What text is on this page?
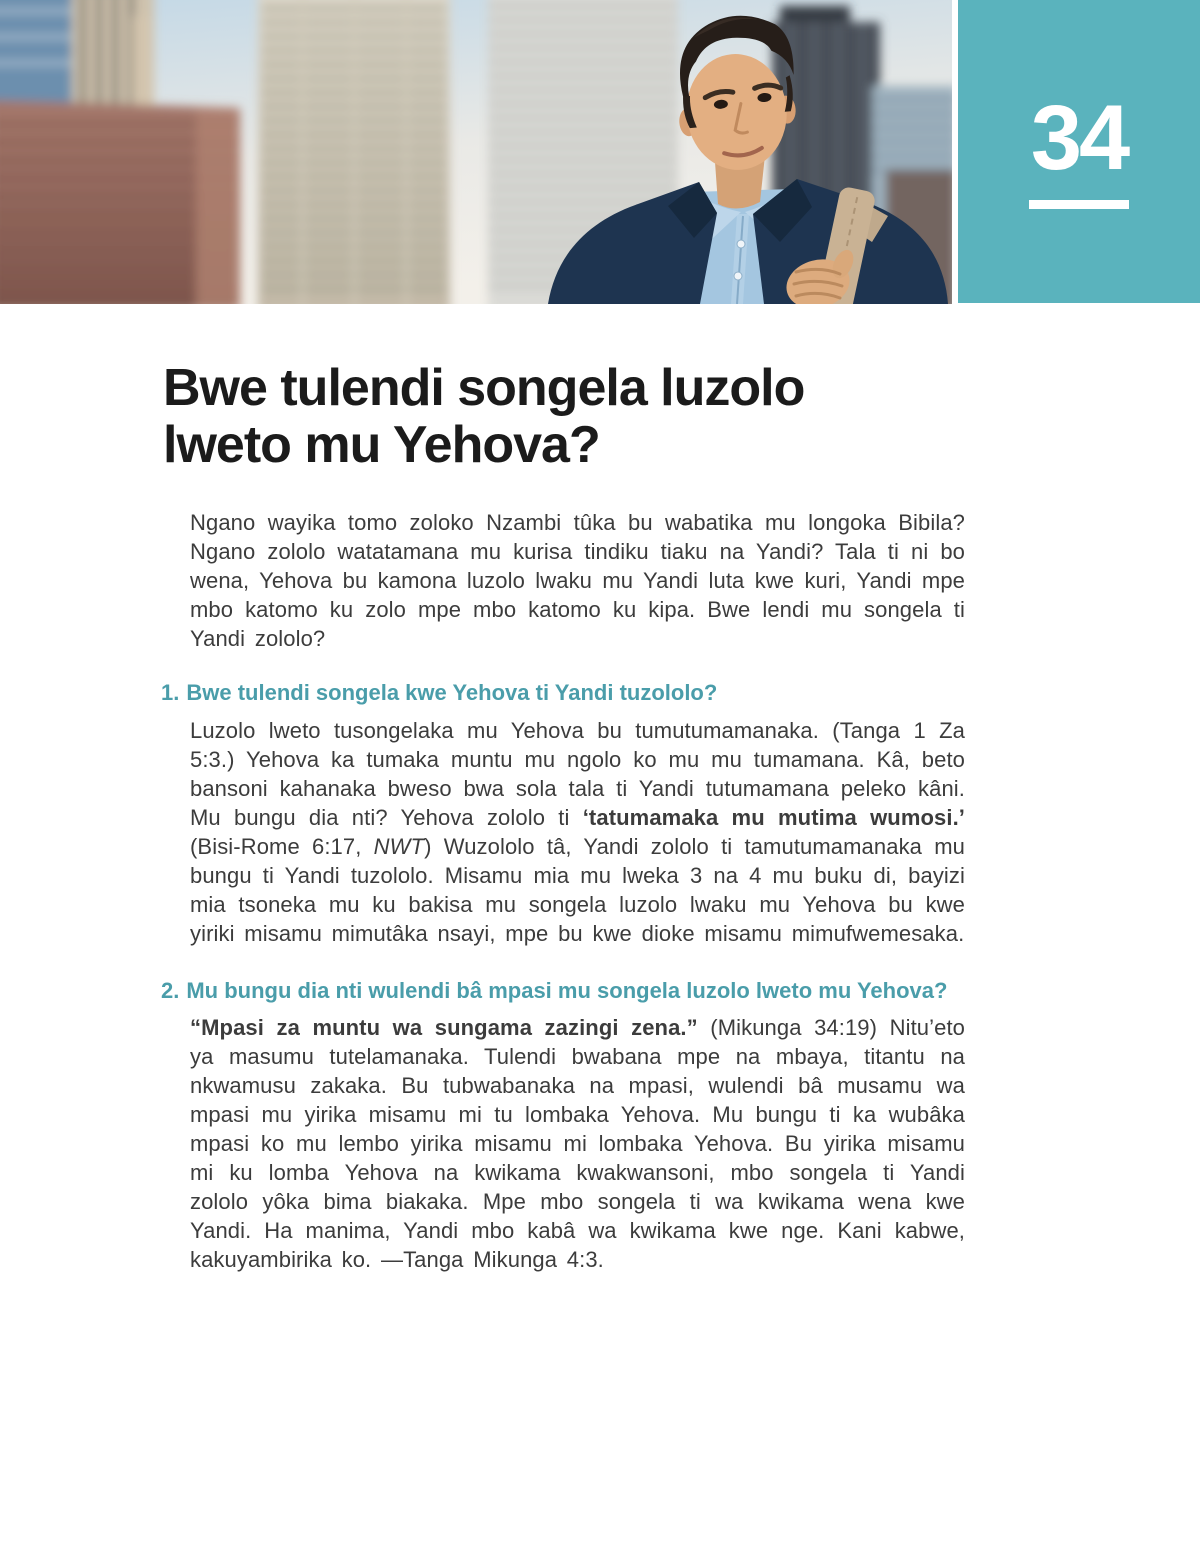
34
Bwe tulendi songela luzolo lweto mu Yehova?

Ngano wayika tomo zoloko Nzambi tûka bu wabatika mu longoka Bibila? Ngano zololo watatamana mu kurisa tindiku tiaku na Yandi? Tala ti ni bo wena, Yehova bu kamona luzolo lwaku mu Yandi luta kwe kuri, Yandi mpe mbo katomo ku zolo mpe mbo katomo ku kipa. Bwe lendi mu songela ti Yandi zololo?

1. Bwe tulendi songela kwe Yehova ti Yandi tuzololo?

Luzolo lweto tusongelaka mu Yehova bu tumutumamanaka. (Tanga 1 Za 5:3.) Yehova ka tumaka muntu mu ngolo ko mu mu tumamana. Kâ, beto bansoni kahanaka bweso bwa sola tala ti Yandi tutumamana peleko kâni. Mu bungu dia nti? Yehova zololo ti ‘tatumamaka mu mutima wumosi.’ (Bisi-Rome 6:17, NWT) Wuzololo tâ, Yandi zololo ti tamutumamanaka mu bungu ti Yandi tuzololo. Misamu mia mu lweka 3 na 4 mu buku di, bayizi mia tsoneka mu ku bakisa mu songela luzolo lwaku mu Yehova bu kwe yiriki misamu mimutâka nsayi, mpe bu kwe dioke misamu mimufwemesaka.

2. Mu bungu dia nti wulendi bâ mpasi mu songela luzolo lweto mu Yehova?

“Mpasi za muntu wa sungama zazingi zena.” (Mikunga 34:19) Nitu’eto ya masumu tutelamanaka. Tulendi bwabana mpe na mbaya, titantu na nkwamusu zakaka. Bu tubwabanaka na mpasi, wulendi bâ musamu wa mpasi mu yirika misamu mi tu lombaka Yehova. Mu bungu ti ka wubâka mpasi ko mu lembo yirika misamu mi lombaka Yehova. Bu yirika misamu mi ku lomba Yehova na kwikama kwakwansoni, mbo songela ti Yandi zololo yôka bima biakaka. Mpe mbo songela ti wa kwikama wena kwe Yandi. Ha manima, Yandi mbo kabâ wa kwikama kwe nge. Kani kabwe, kakuyambirika ko. —Tanga Mikunga 4:3.
